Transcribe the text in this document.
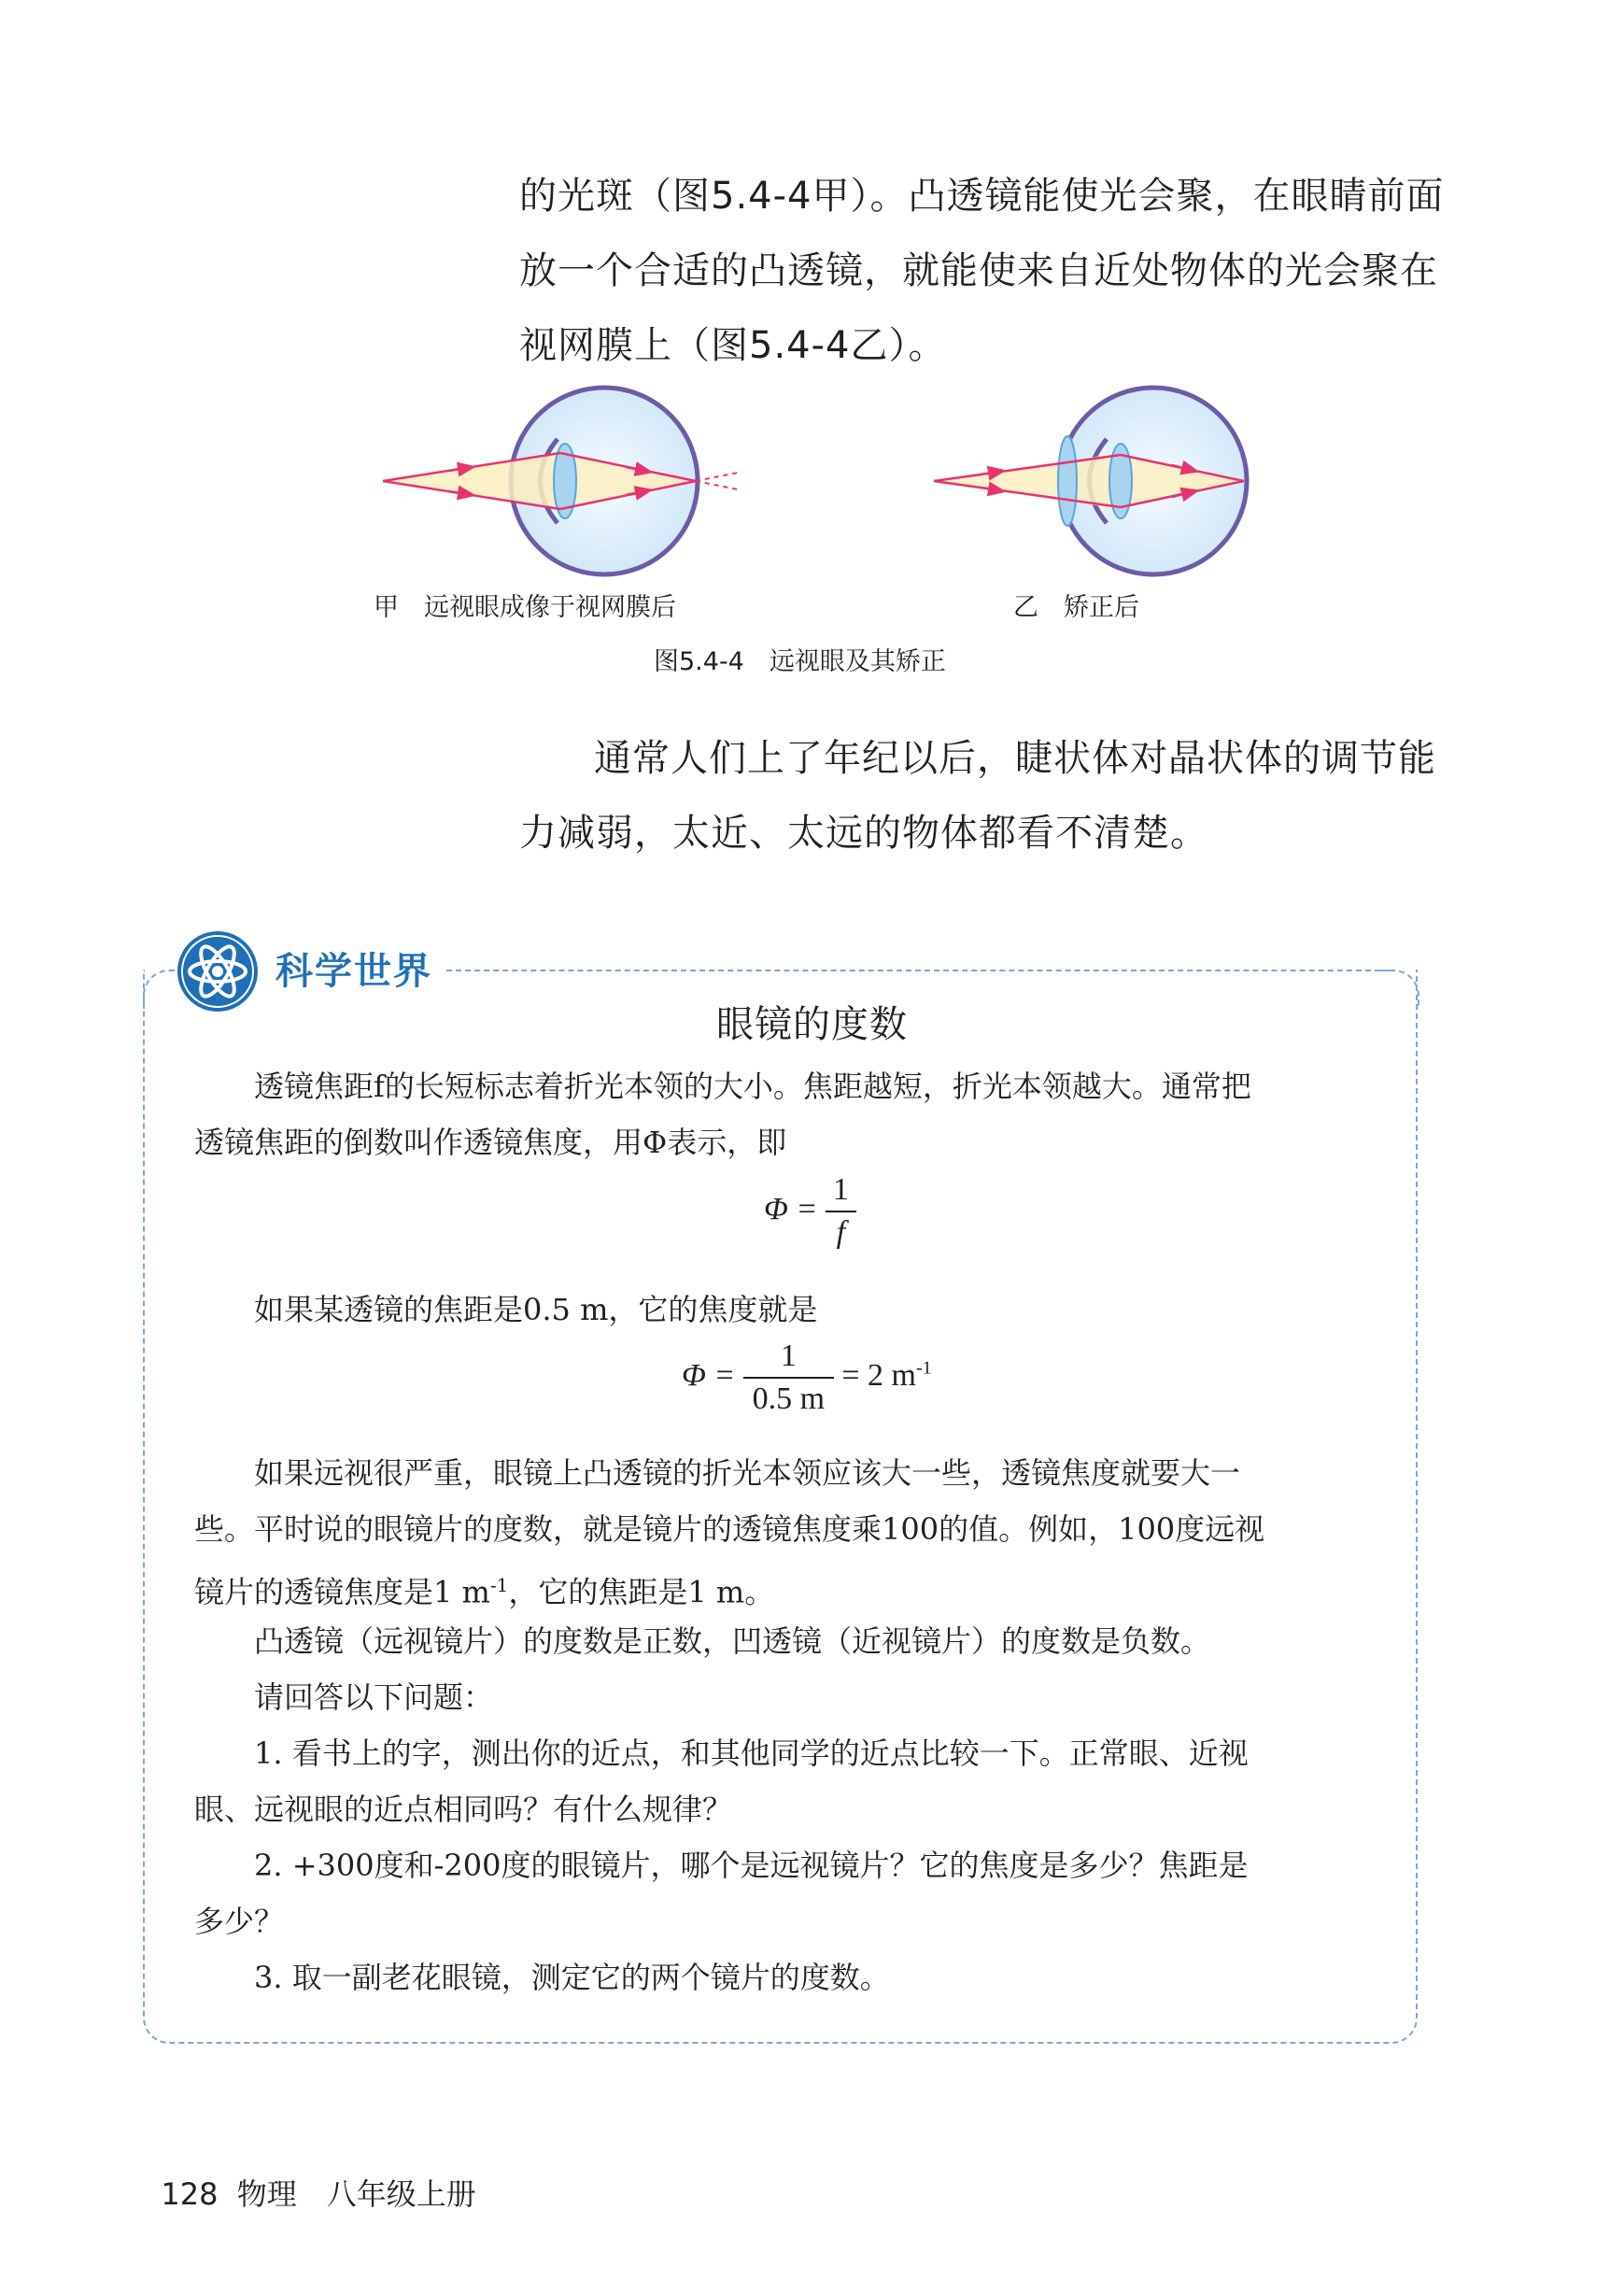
的光斑（图5.4-4甲）。凸透镜能使光会聚，在眼睛前面
放一个合适的凸透镜，就能使来自近处物体的光会聚在
视网膜上（图5.4-4乙）。
甲　远视眼成像于视网膜后	乙　矫正后
图5.4-4　远视眼及其矫正
通常人们上了年纪以后，睫状体对晶状体的调节能
力减弱，太近、太远的物体都看不清楚。
科学世界
眼镜的度数
透镜焦距f的长短标志着折光本领的大小。焦距越短，折光本领越大。通常把
透镜焦距的倒数叫作透镜焦度，用Φ表示，即
$\Phi = \frac{1}{f}$
如果某透镜的焦距是0.5 m，它的焦度就是
$\Phi = \frac{1}{0.5 m} = 2$ $m^{-1}$
如果远视很严重，眼镜上凸透镜的折光本领应该大一些，透镜焦度就要大一
些。平时说的眼镜片的度数，就是镜片的透镜焦度乘100的值。例如，100度远视
镜片的透镜焦度是1 $m^{-1}$，它的焦距是1 m。
凸透镜（远视镜片）的度数是正数，凹透镜（近视镜片）的度数是负数。
请回答以下问题：
1. 看书上的字，测出你的近点，和其他同学的近点比较一下。正常眼、近视
眼、远视眼的近点相同吗？有什么规律？
2. +300度和-200度的眼镜片，哪个是远视镜片？它的焦度是多少？焦距是
多少？
3. 取一副老花眼镜，测定它的两个镜片的度数。

128 物理　八年级上册
